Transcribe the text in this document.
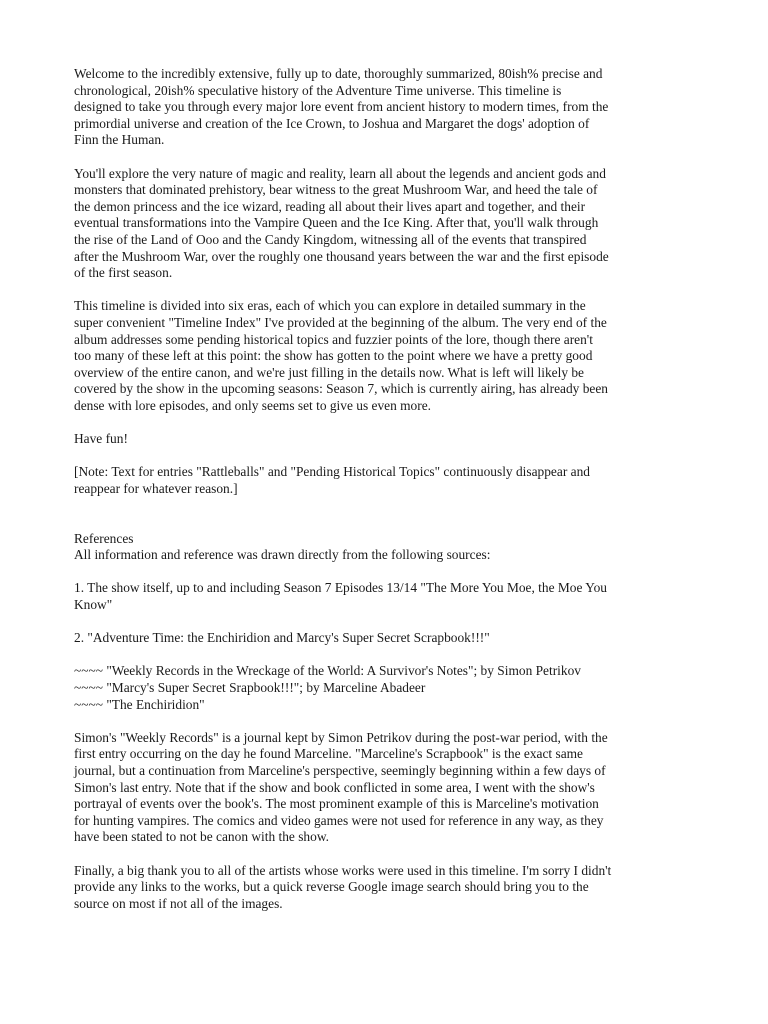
Welcome to the incredibly extensive, fully up to date, thoroughly summarized, 80ish% precise and
chronological, 20ish% speculative history of the Adventure Time universe. This timeline is
designed to take you through every major lore event from ancient history to modern times, from the
primordial universe and creation of the Ice Crown, to Joshua and Margaret the dogs' adoption of
Finn the Human.
You'll explore the very nature of magic and reality, learn all about the legends and ancient gods and
monsters that dominated prehistory, bear witness to the great Mushroom War, and heed the tale of
the demon princess and the ice wizard, reading all about their lives apart and together, and their
eventual transformations into the Vampire Queen and the Ice King. After that, you'll walk through
the rise of the Land of Ooo and the Candy Kingdom, witnessing all of the events that transpired
after the Mushroom War, over the roughly one thousand years between the war and the first episode
of the first season.
This timeline is divided into six eras, each of which you can explore in detailed summary in the
super convenient "Timeline Index" I've provided at the beginning of the album. The very end of the
album addresses some pending historical topics and fuzzier points of the lore, though there aren't
too many of these left at this point: the show has gotten to the point where we have a pretty good
overview of the entire canon, and we're just filling in the details now. What is left will likely be
covered by the show in the upcoming seasons: Season 7, which is currently airing, has already been
dense with lore episodes, and only seems set to give us even more.
Have fun!
[Note: Text for entries "Rattleballs" and "Pending Historical Topics" continuously disappear and
reappear for whatever reason.]
References
All information and reference was drawn directly from the following sources:
1. The show itself, up to and including Season 7 Episodes 13/14 "The More You Moe, the Moe You
Know"
2. "Adventure Time: the Enchiridion and Marcy's Super Secret Scrapbook!!!"
~~~~ "Weekly Records in the Wreckage of the World: A Survivor's Notes"; by Simon Petrikov
~~~~ "Marcy's Super Secret Srapbook!!!"; by Marceline Abadeer
~~~~ "The Enchiridion"
Simon's "Weekly Records" is a journal kept by Simon Petrikov during the post-war period, with the
first entry occurring on the day he found Marceline. "Marceline's Scrapbook" is the exact same
journal, but a continuation from Marceline's perspective, seemingly beginning within a few days of
Simon's last entry. Note that if the show and book conflicted in some area, I went with the show's
portrayal of events over the book's. The most prominent example of this is Marceline's motivation
for hunting vampires. The comics and video games were not used for reference in any way, as they
have been stated to not be canon with the show.
Finally, a big thank you to all of the artists whose works were used in this timeline. I'm sorry I didn't
provide any links to the works, but a quick reverse Google image search should bring you to the
source on most if not all of the images.
